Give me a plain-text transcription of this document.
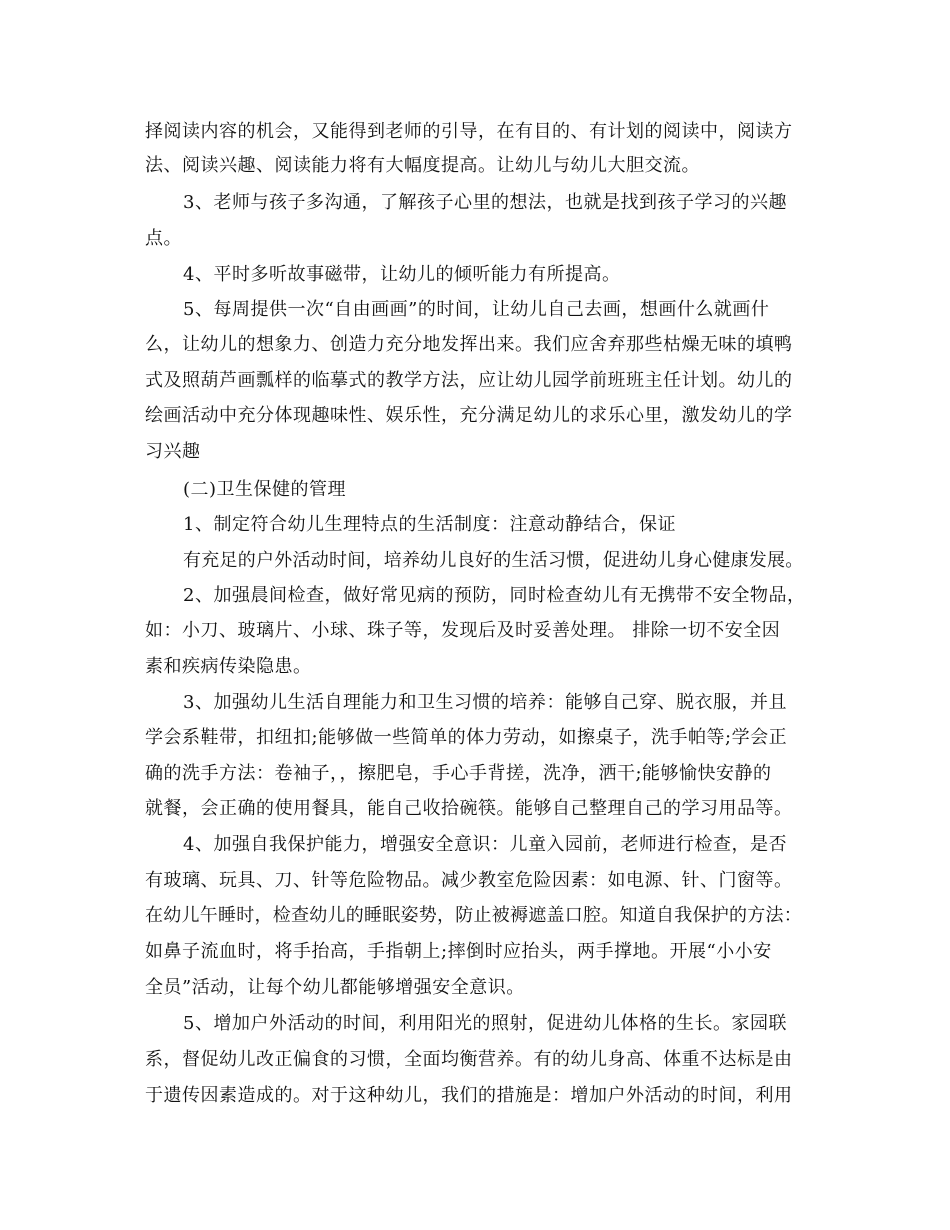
择阅读内容的机会，又能得到老师的引导，在有目的、有计划的阅读中，阅读方
法、阅读兴趣、阅读能力将有大幅度提高。让幼儿与幼儿大胆交流。
3、老师与孩子多沟通，了解孩子心里的想法，也就是找到孩子学习的兴趣
点。
4、平时多听故事磁带，让幼儿的倾听能力有所提高。
5、每周提供一次“自由画画”的时间，让幼儿自己去画，想画什么就画什
么，让幼儿的想象力、创造力充分地发挥出来。我们应舍弃那些枯燥无味的填鸭
式及照葫芦画瓢样的临摹式的教学方法，应让幼儿园学前班班主任计划。幼儿的
绘画活动中充分体现趣味性、娱乐性，充分满足幼儿的求乐心里，激发幼儿的学
习兴趣
(二)卫生保健的管理
1、制定符合幼儿生理特点的生活制度：注意动静结合，保证
有充足的户外活动时间，培养幼儿良好的生活习惯，促进幼儿身心健康发展。
2、加强晨间检查，做好常见病的预防，同时检查幼儿有无携带不安全物品，
如：小刀、玻璃片、小球、珠子等，发现后及时妥善处理。 排除一切不安全因
素和疾病传染隐患。
3、加强幼儿生活自理能力和卫生习惯的培养：能够自己穿、脱衣服，并且
学会系鞋带，扣纽扣;能够做一些简单的体力劳动，如擦桌子，洗手帕等;学会正
确的洗手方法：卷袖子，，擦肥皂，手心手背搓，洗净，洒干;能够愉快安静的
就餐，会正确的使用餐具，能自己收拾碗筷。能够自己整理自己的学习用品等。
4、加强自我保护能力，增强安全意识：儿童入园前，老师进行检查，是否
有玻璃、玩具、刀、针等危险物品。减少教室危险因素：如电源、针、门窗等。
在幼儿午睡时，检查幼儿的睡眠姿势，防止被褥遮盖口腔。知道自我保护的方法：
如鼻子流血时，将手抬高，手指朝上;摔倒时应抬头，两手撑地。开展“小小安
全员”活动，让每个幼儿都能够增强安全意识。
5、增加户外活动的时间，利用阳光的照射，促进幼儿体格的生长。家园联
系，督促幼儿改正偏食的习惯，全面均衡营养。有的幼儿身高、体重不达标是由
于遗传因素造成的。对于这种幼儿，我们的措施是：增加户外活动的时间，利用
